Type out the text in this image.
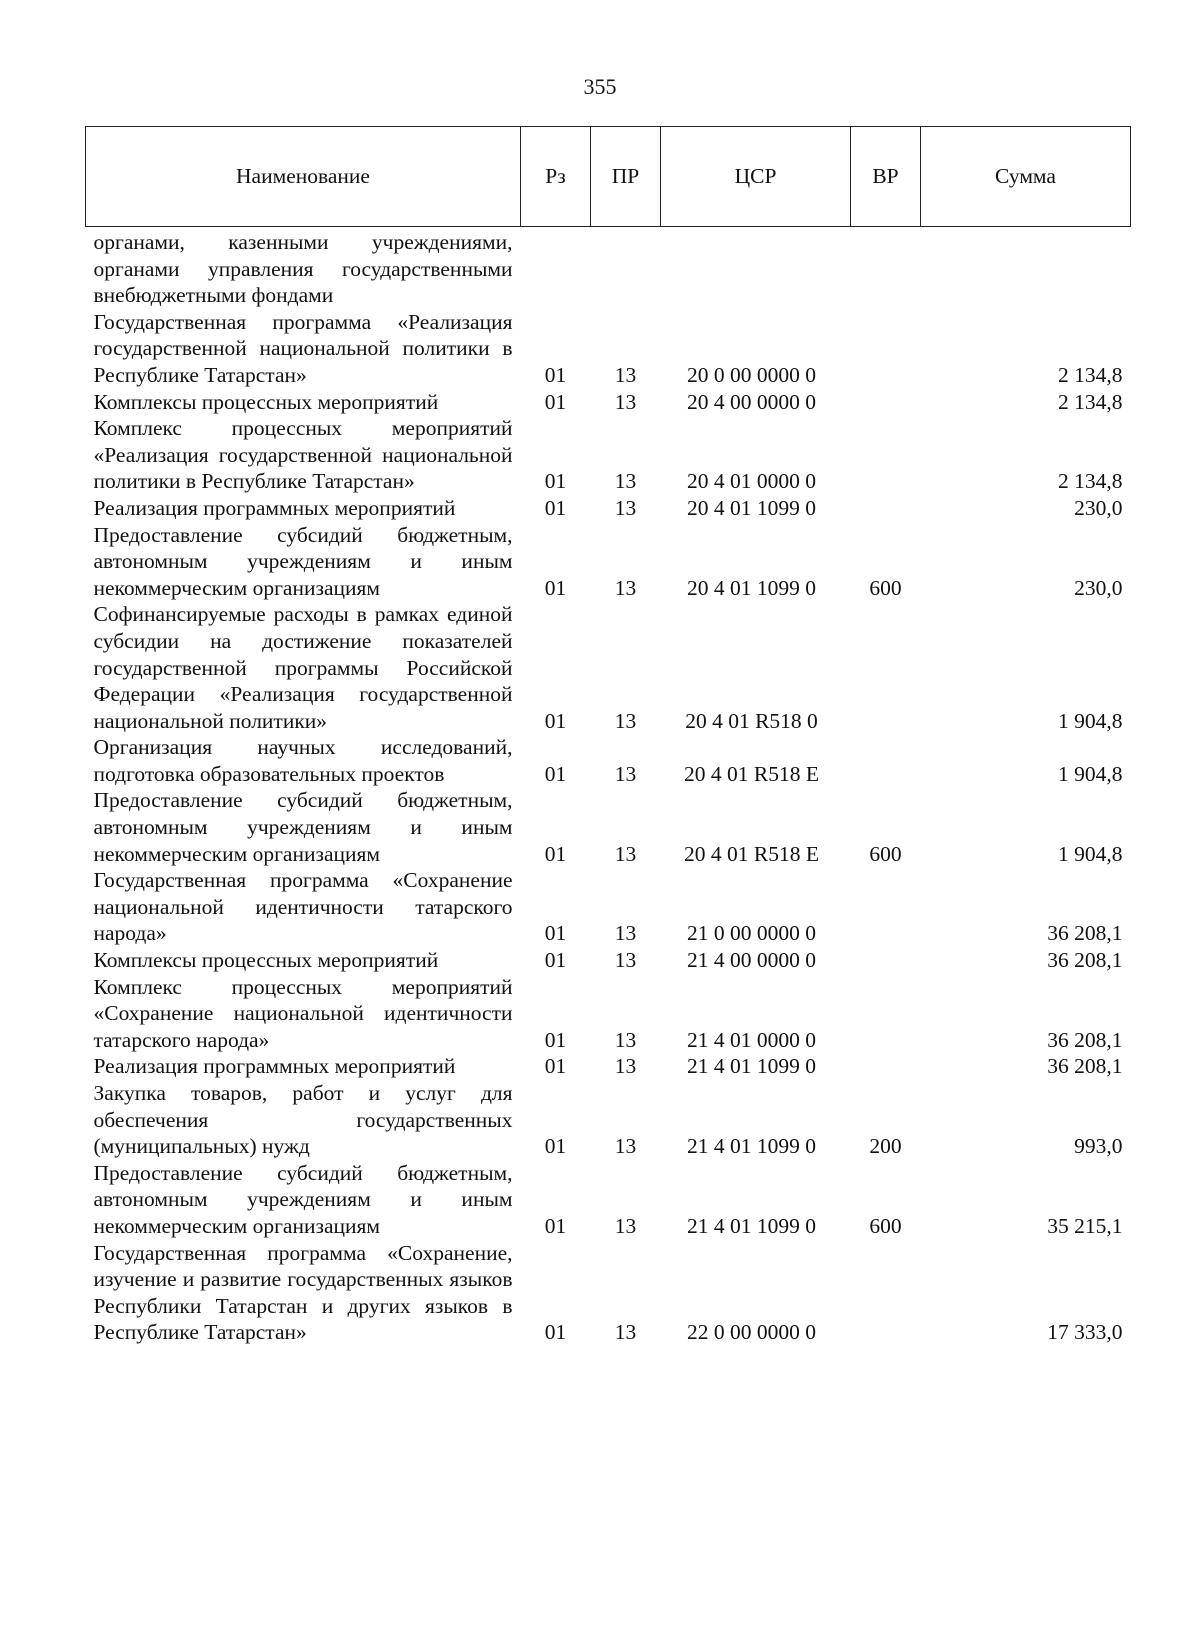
355
Наименование	Рз	ПР	ЦСР	ВР	Сумма
органами, казенными учреждениями, органами управления государственными внебюджетными фондами					
Государственная программа «Реализация государственной национальной политики в Республике Татарстан»	01	13	20 0 00 0000 0		2 134,8
Комплексы процессных мероприятий	01	13	20 4 00 0000 0		2 134,8
Комплекс процессных мероприятий «Реализация государственной национальной политики в Республике Татарстан»	01	13	20 4 01 0000 0		2 134,8
Реализация программных мероприятий	01	13	20 4 01 1099 0		230,0
Предоставление субсидий бюджетным, автономным учреждениям и иным некоммерческим организациям	01	13	20 4 01 1099 0	600	230,0
Софинансируемые расходы в рамках единой субсидии на достижение показателей государственной программы Российской Федерации «Реализация государственной национальной политики»	01	13	20 4 01 R518 0		1 904,8
Организация научных исследований, подготовка образовательных проектов	01	13	20 4 01 R518 E		1 904,8
Предоставление субсидий бюджетным, автономным учреждениям и иным некоммерческим организациям	01	13	20 4 01 R518 E	600	1 904,8
Государственная программа «Сохранение национальной идентичности татарского народа»	01	13	21 0 00 0000 0		36 208,1
Комплексы процессных мероприятий	01	13	21 4 00 0000 0		36 208,1
Комплекс процессных мероприятий «Сохранение национальной идентичности татарского народа»	01	13	21 4 01 0000 0		36 208,1
Реализация программных мероприятий	01	13	21 4 01 1099 0		36 208,1
Закупка товаров, работ и услуг для обеспечения государственных (муниципальных) нужд	01	13	21 4 01 1099 0	200	993,0
Предоставление субсидий бюджетным, автономным учреждениям и иным некоммерческим организациям	01	13	21 4 01 1099 0	600	35 215,1
Государственная программа «Сохранение, изучение и развитие государственных языков Республики Татарстан и других языков в Республике Татарстан»	01	13	22 0 00 0000 0		17 333,0
